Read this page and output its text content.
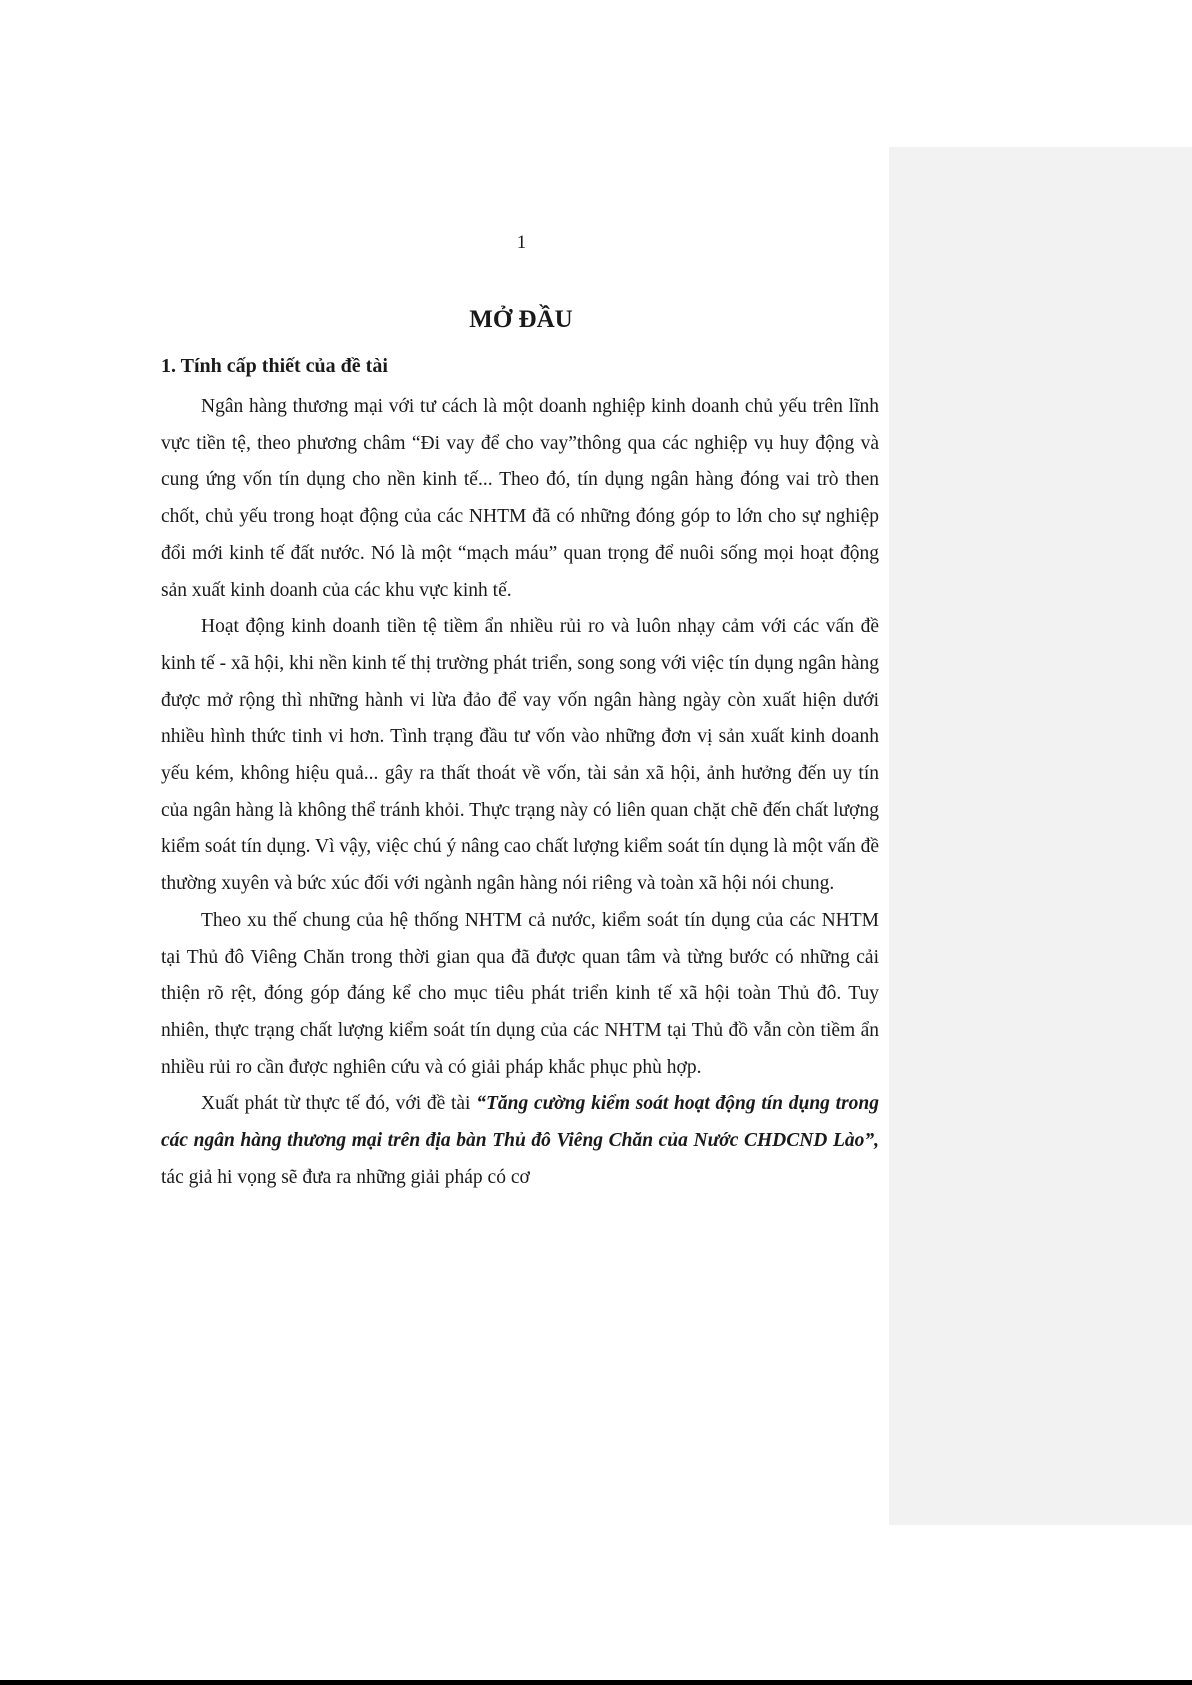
1
MỞ ĐẦU
1. Tính cấp thiết của đề tài

Ngân hàng thương mại với tư cách là một doanh nghiệp kinh doanh chủ yếu trên lĩnh vực tiền tệ, theo phương châm “Đi vay để cho vay”thông qua các nghiệp vụ huy động và cung ứng vốn tín dụng cho nền kinh tế... Theo đó, tín dụng ngân hàng đóng vai trò then chốt, chủ yếu trong hoạt động của các NHTM đã có những đóng góp to lớn cho sự nghiệp đổi mới kinh tế đất nước. Nó là một “mạch máu” quan trọng để nuôi sống mọi hoạt động sản xuất kinh doanh của các khu vực kinh tế.

Hoạt động kinh doanh tiền tệ tiềm ẩn nhiều rủi ro và luôn nhạy cảm với các vấn đề kinh tế - xã hội, khi nền kinh tế thị trường phát triển, song song với việc tín dụng ngân hàng được mở rộng thì những hành vi lừa đảo để vay vốn ngân hàng ngày còn xuất hiện dưới nhiều hình thức tinh vi hơn. Tình trạng đầu tư vốn vào những đơn vị sản xuất kinh doanh yếu kém, không hiệu quả... gây ra thất thoát về vốn, tài sản xã hội, ảnh hưởng đến uy tín của ngân hàng là không thể tránh khỏi. Thực trạng này có liên quan chặt chẽ đến chất lượng kiểm soát tín dụng. Vì vậy, việc chú ý nâng cao chất lượng kiểm soát tín dụng là một vấn đề thường xuyên và bức xúc đối với ngành ngân hàng nói riêng và toàn xã hội nói chung.

Theo xu thế chung của hệ thống NHTM cả nước, kiểm soát tín dụng của các NHTM tại Thủ đô Viêng Chăn trong thời gian qua đã được quan tâm và từng bước có những cải thiện rõ rệt, đóng góp đáng kể cho mục tiêu phát triển kinh tế xã hội toàn Thủ đô. Tuy nhiên, thực trạng chất lượng kiểm soát tín dụng của các NHTM tại Thủ đồ vẫn còn tiềm ẩn nhiều rủi ro cần được nghiên cứu và có giải pháp khắc phục phù hợp.

Xuất phát từ thực tế đó, với đề tài “Tăng cường kiểm soát hoạt động tín dụng trong các ngân hàng thương mại trên địa bàn Thủ đô Viêng Chăn của Nước CHDCND Lào”, tác giả hi vọng sẽ đưa ra những giải pháp có cơ
